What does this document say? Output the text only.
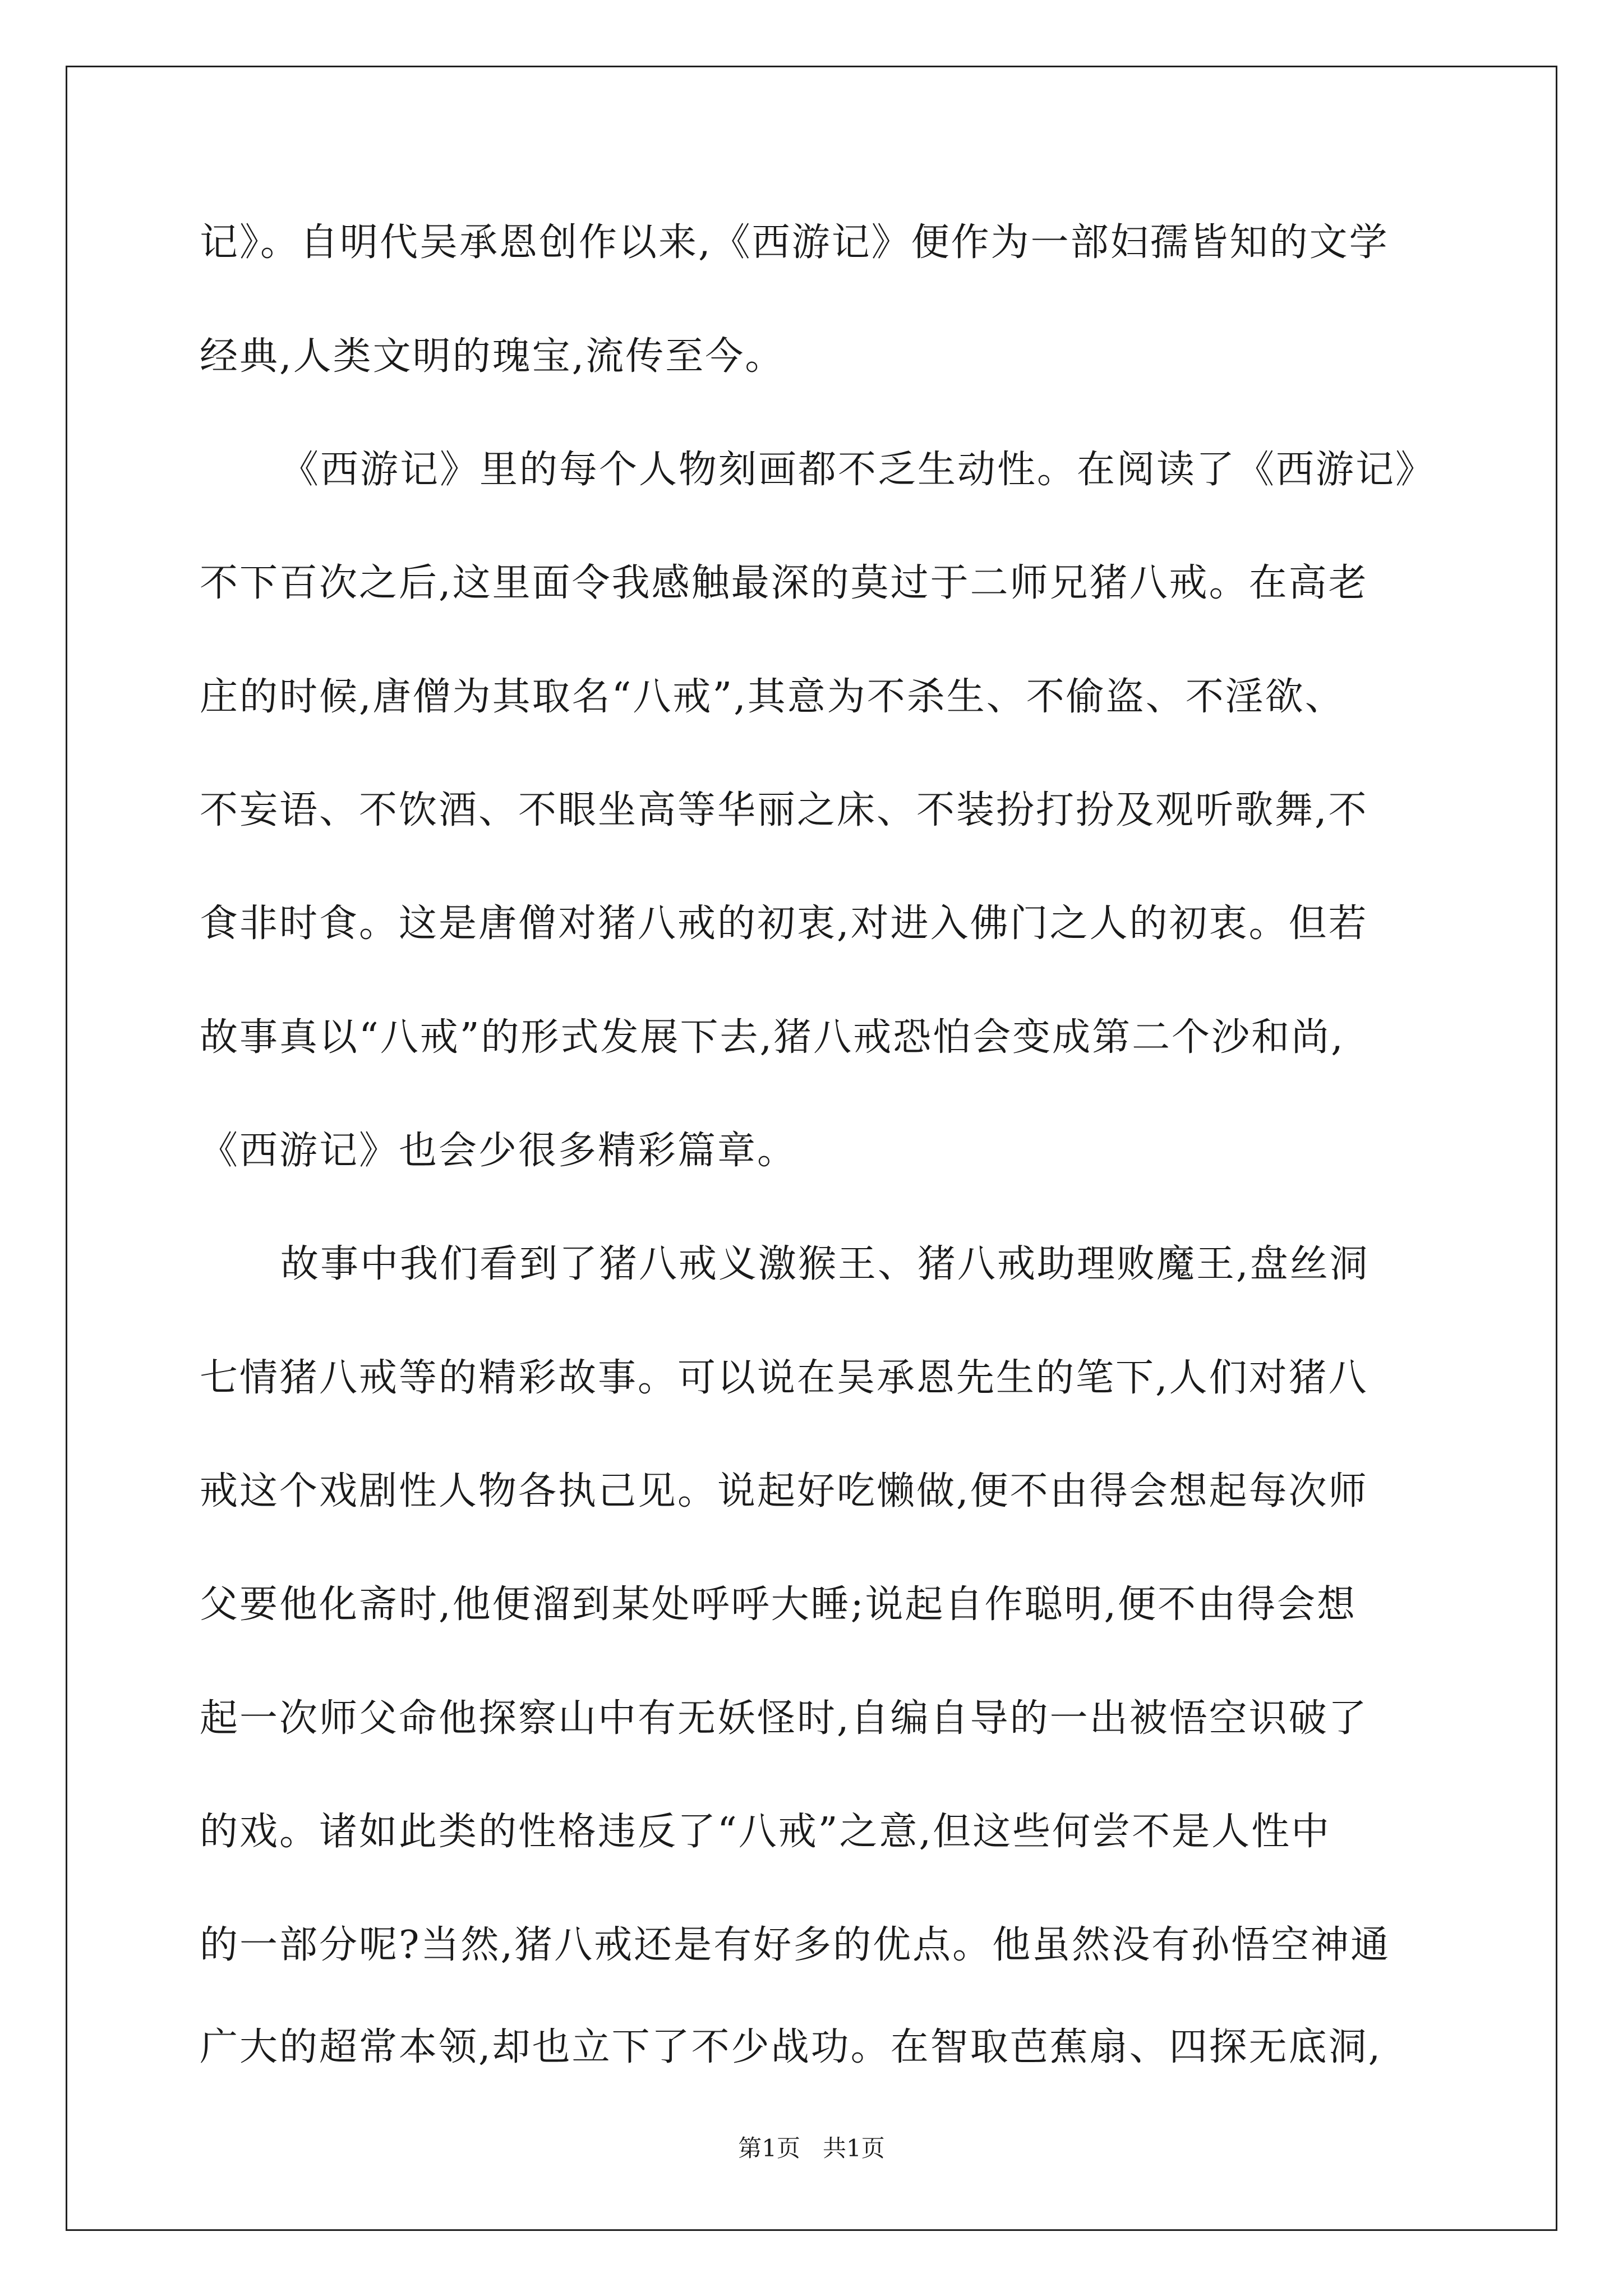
记》。自明代吴承恩创作以来,《西游记》便作为一部妇孺皆知的文学
经典,人类文明的瑰宝,流传至今。
《西游记》里的每个人物刻画都不乏生动性。在阅读了《西游记》
不下百次之后,这里面令我感触最深的莫过于二师兄猪八戒。在高老
庄的时候,唐僧为其取名“八戒”,其意为不杀生、不偷盗、不淫欲、
不妄语、不饮酒、不眼坐高等华丽之床、不装扮打扮及观听歌舞,不
食非时食。这是唐僧对猪八戒的初衷,对进入佛门之人的初衷。但若
故事真以“八戒”的形式发展下去,猪八戒恐怕会变成第二个沙和尚,
《西游记》也会少很多精彩篇章。
故事中我们看到了猪八戒义激猴王、猪八戒助理败魔王,盘丝洞
七情猪八戒等的精彩故事。可以说在吴承恩先生的笔下,人们对猪八
戒这个戏剧性人物各执己见。说起好吃懒做,便不由得会想起每次师
父要他化斋时,他便溜到某处呼呼大睡;说起自作聪明,便不由得会想
起一次师父命他探察山中有无妖怪时,自编自导的一出被悟空识破了
的戏。诸如此类的性格违反了“八戒”之意,但这些何尝不是人性中
的一部分呢?当然,猪八戒还是有好多的优点。他虽然没有孙悟空神通
广大的超常本领,却也立下了不少战功。在智取芭蕉扇、四探无底洞,
第1页   共1页
